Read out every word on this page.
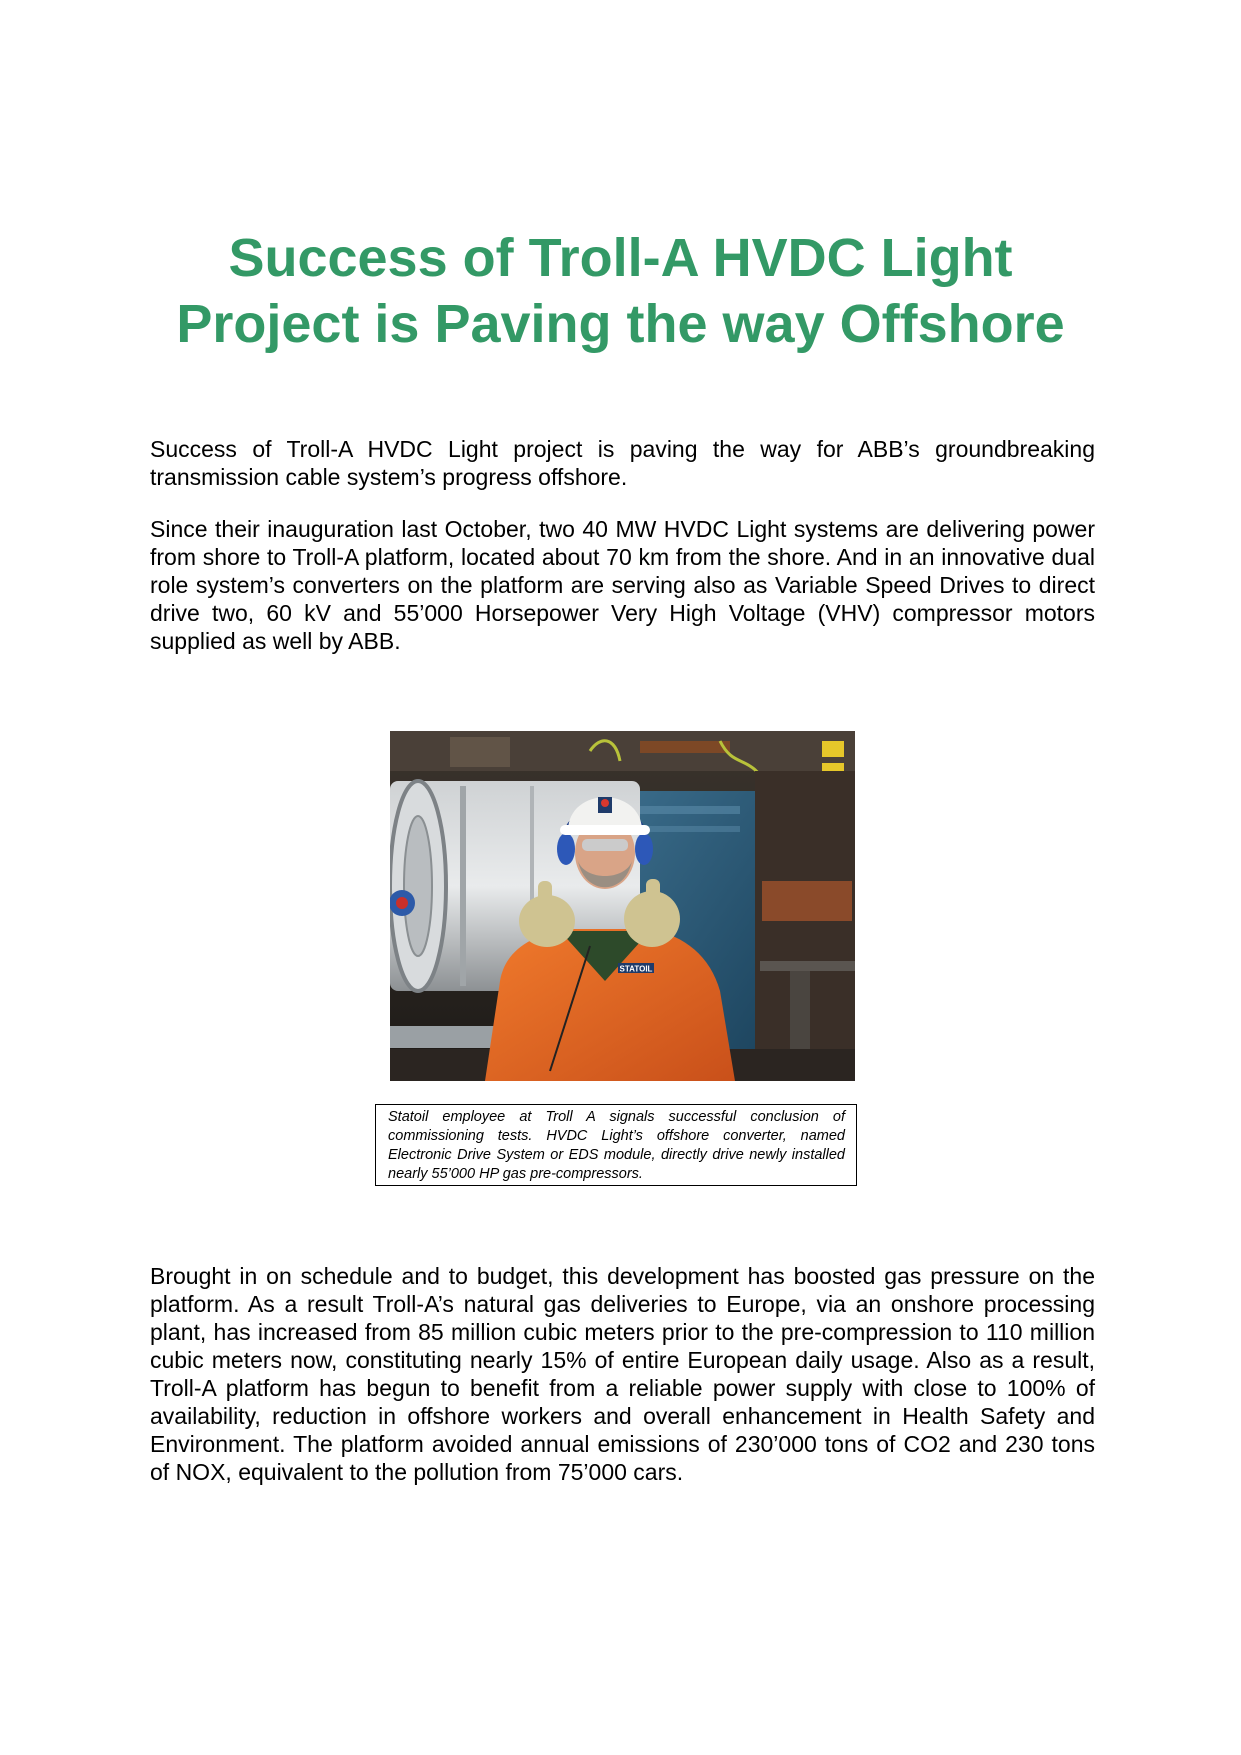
Success of Troll-A HVDC Light
Project is Paving the way Offshore

Success of Troll-A HVDC Light project is paving the way for ABB’s groundbreaking transmission cable system’s progress offshore.

Since their inauguration last October, two 40 MW HVDC Light systems are delivering power from shore to Troll-A platform, located about 70 km from the shore. And in an innovative dual role system’s converters on the platform are serving also as Variable Speed Drives to direct drive two, 60 kV and 55’000 Horsepower Very High Voltage (VHV) compressor motors supplied as well by ABB.

STATOIL
Statoil employee at Troll A signals successful conclusion of commissioning tests. HVDC Light’s offshore converter, named Electronic Drive System or EDS module, directly drive newly installed nearly 55’000 HP gas pre-compressors.

Brought in on schedule and to budget, this development has boosted gas pressure on the platform. As a result Troll-A’s natural gas deliveries to Europe, via an onshore processing plant, has increased from 85 million cubic meters prior to the pre-compression to 110 million cubic meters now, constituting nearly 15% of entire European daily usage. Also as a result, Troll-A platform has begun to benefit from a reliable power supply with close to 100% of availability, reduction in offshore workers and overall enhancement in Health Safety and Environment. The platform avoided annual emissions of 230’000 tons of CO2 and 230 tons of NOX, equivalent to the pollution from 75’000 cars.
